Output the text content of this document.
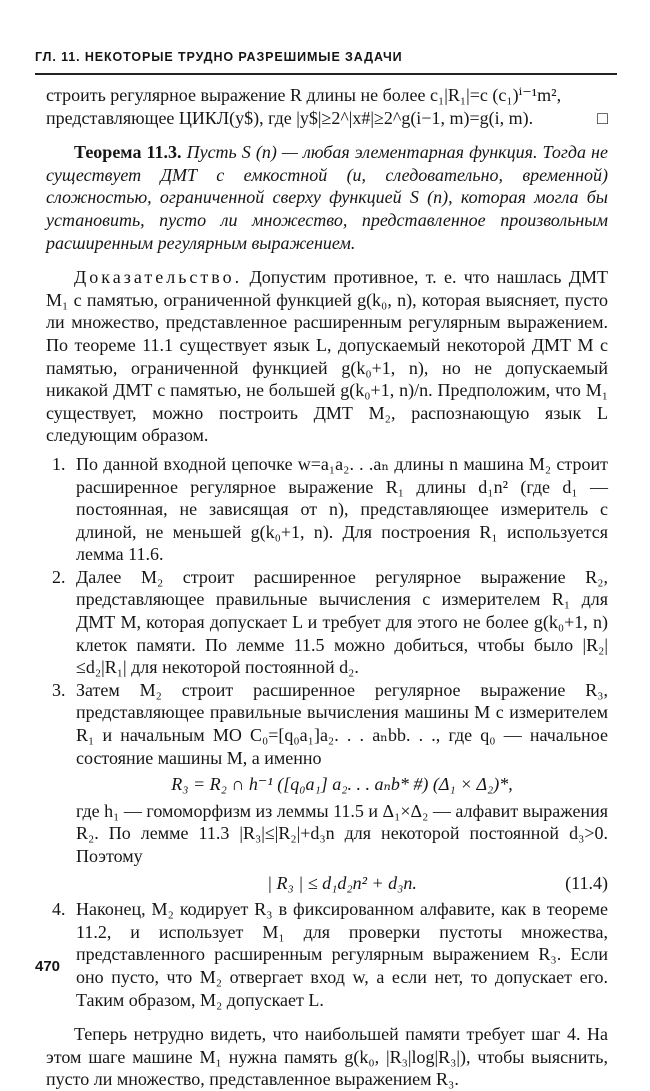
ГЛ. 11. НЕКОТОРЫЕ ТРУДНО РАЗРЕШИМЫЕ ЗАДАЧИ

строить регулярное выражение R длины не более c₁|R₁|=c (c₁)ⁱ⁻¹m²,

представляющее ЦИКЛ(y$), где |y$|≥2^|x#|≥2^g(i−1, m)=g(i, m).	□

Теорема 11.3. Пусть S (n) — любая элементарная функция. Тогда не существует ДМТ с емкостной (и, следовательно, временной) сложностью, ограниченной сверху функцией S (n), которая могла бы установить, пусто ли множество, представленное произвольным расширенным регулярным выражением.

Доказательство. Допустим противное, т. е. что нашлась ДМТ M₁ с памятью, ограниченной функцией g(k₀, n), которая выясняет, пусто ли множество, представленное расширенным регулярным выражением. По теореме 11.1 существует язык L, допускаемый некоторой ДМТ M с памятью, ограниченной функцией g(k₀+1, n), но не допускаемый никакой ДМТ с памятью, не большей g(k₀+1, n)/n. Предположим, что M₁ существует, можно построить ДМТ M₂, распознающую язык L следующим образом.

1. По данной входной цепочке w=a₁a₂. . .aₙ длины n машина M₂ строит расширенное регулярное выражение R₁ длины d₁n² (где d₁ — постоянная, не зависящая от n), представляющее измеритель с длиной, не меньшей g(k₀+1, n). Для построения R₁ используется лемма 11.6.
2. Далее M₂ строит расширенное регулярное выражение R₂, представляющее правильные вычисления с измерителем R₁ для ДМТ M, которая допускает L и требует для этого не более g(k₀+1, n) клеток памяти. По лемме 11.5 можно добиться, чтобы было |R₂|≤d₂|R₁| для некоторой постоянной d₂.
3. Затем M₂ строит расширенное регулярное выражение R₃, представляющее правильные вычисления машины M с измерителем R₁ и начальным МО C₀=[q₀a₁]a₂. . . aₙbb. . ., где q₀ — начальное состояние машины M, а именно
R₃ = R₂ ∩ h⁻¹ ([q₀a₁] a₂. . . aₙb* #) (Δ₁ × Δ₂)*,
где h₁ — гомоморфизм из леммы 11.5 и Δ₁×Δ₂ — алфавит выражения R₂. По лемме 11.3 |R₃|≤|R₂|+d₃n для некоторой постоянной d₃>0. Поэтому
| R₃ | ≤ d₁d₂n² + d₃n.	(11.4)
4. Наконец, M₂ кодирует R₃ в фиксированном алфавите, как в теореме 11.2, и использует M₁ для проверки пустоты множества, представленного расширенным регулярным выражением R₃. Если оно пусто, что M₂ отвергает вход w, а если нет, то допускает его. Таким образом, M₂ допускает L.

Теперь нетрудно видеть, что наибольшей памяти требует шаг 4. На этом шаге машине M₁ нужна память g(k₀, |R₃|log|R₃|), чтобы выяснить, пусто ли множество, представленное выражением R₃.

470
